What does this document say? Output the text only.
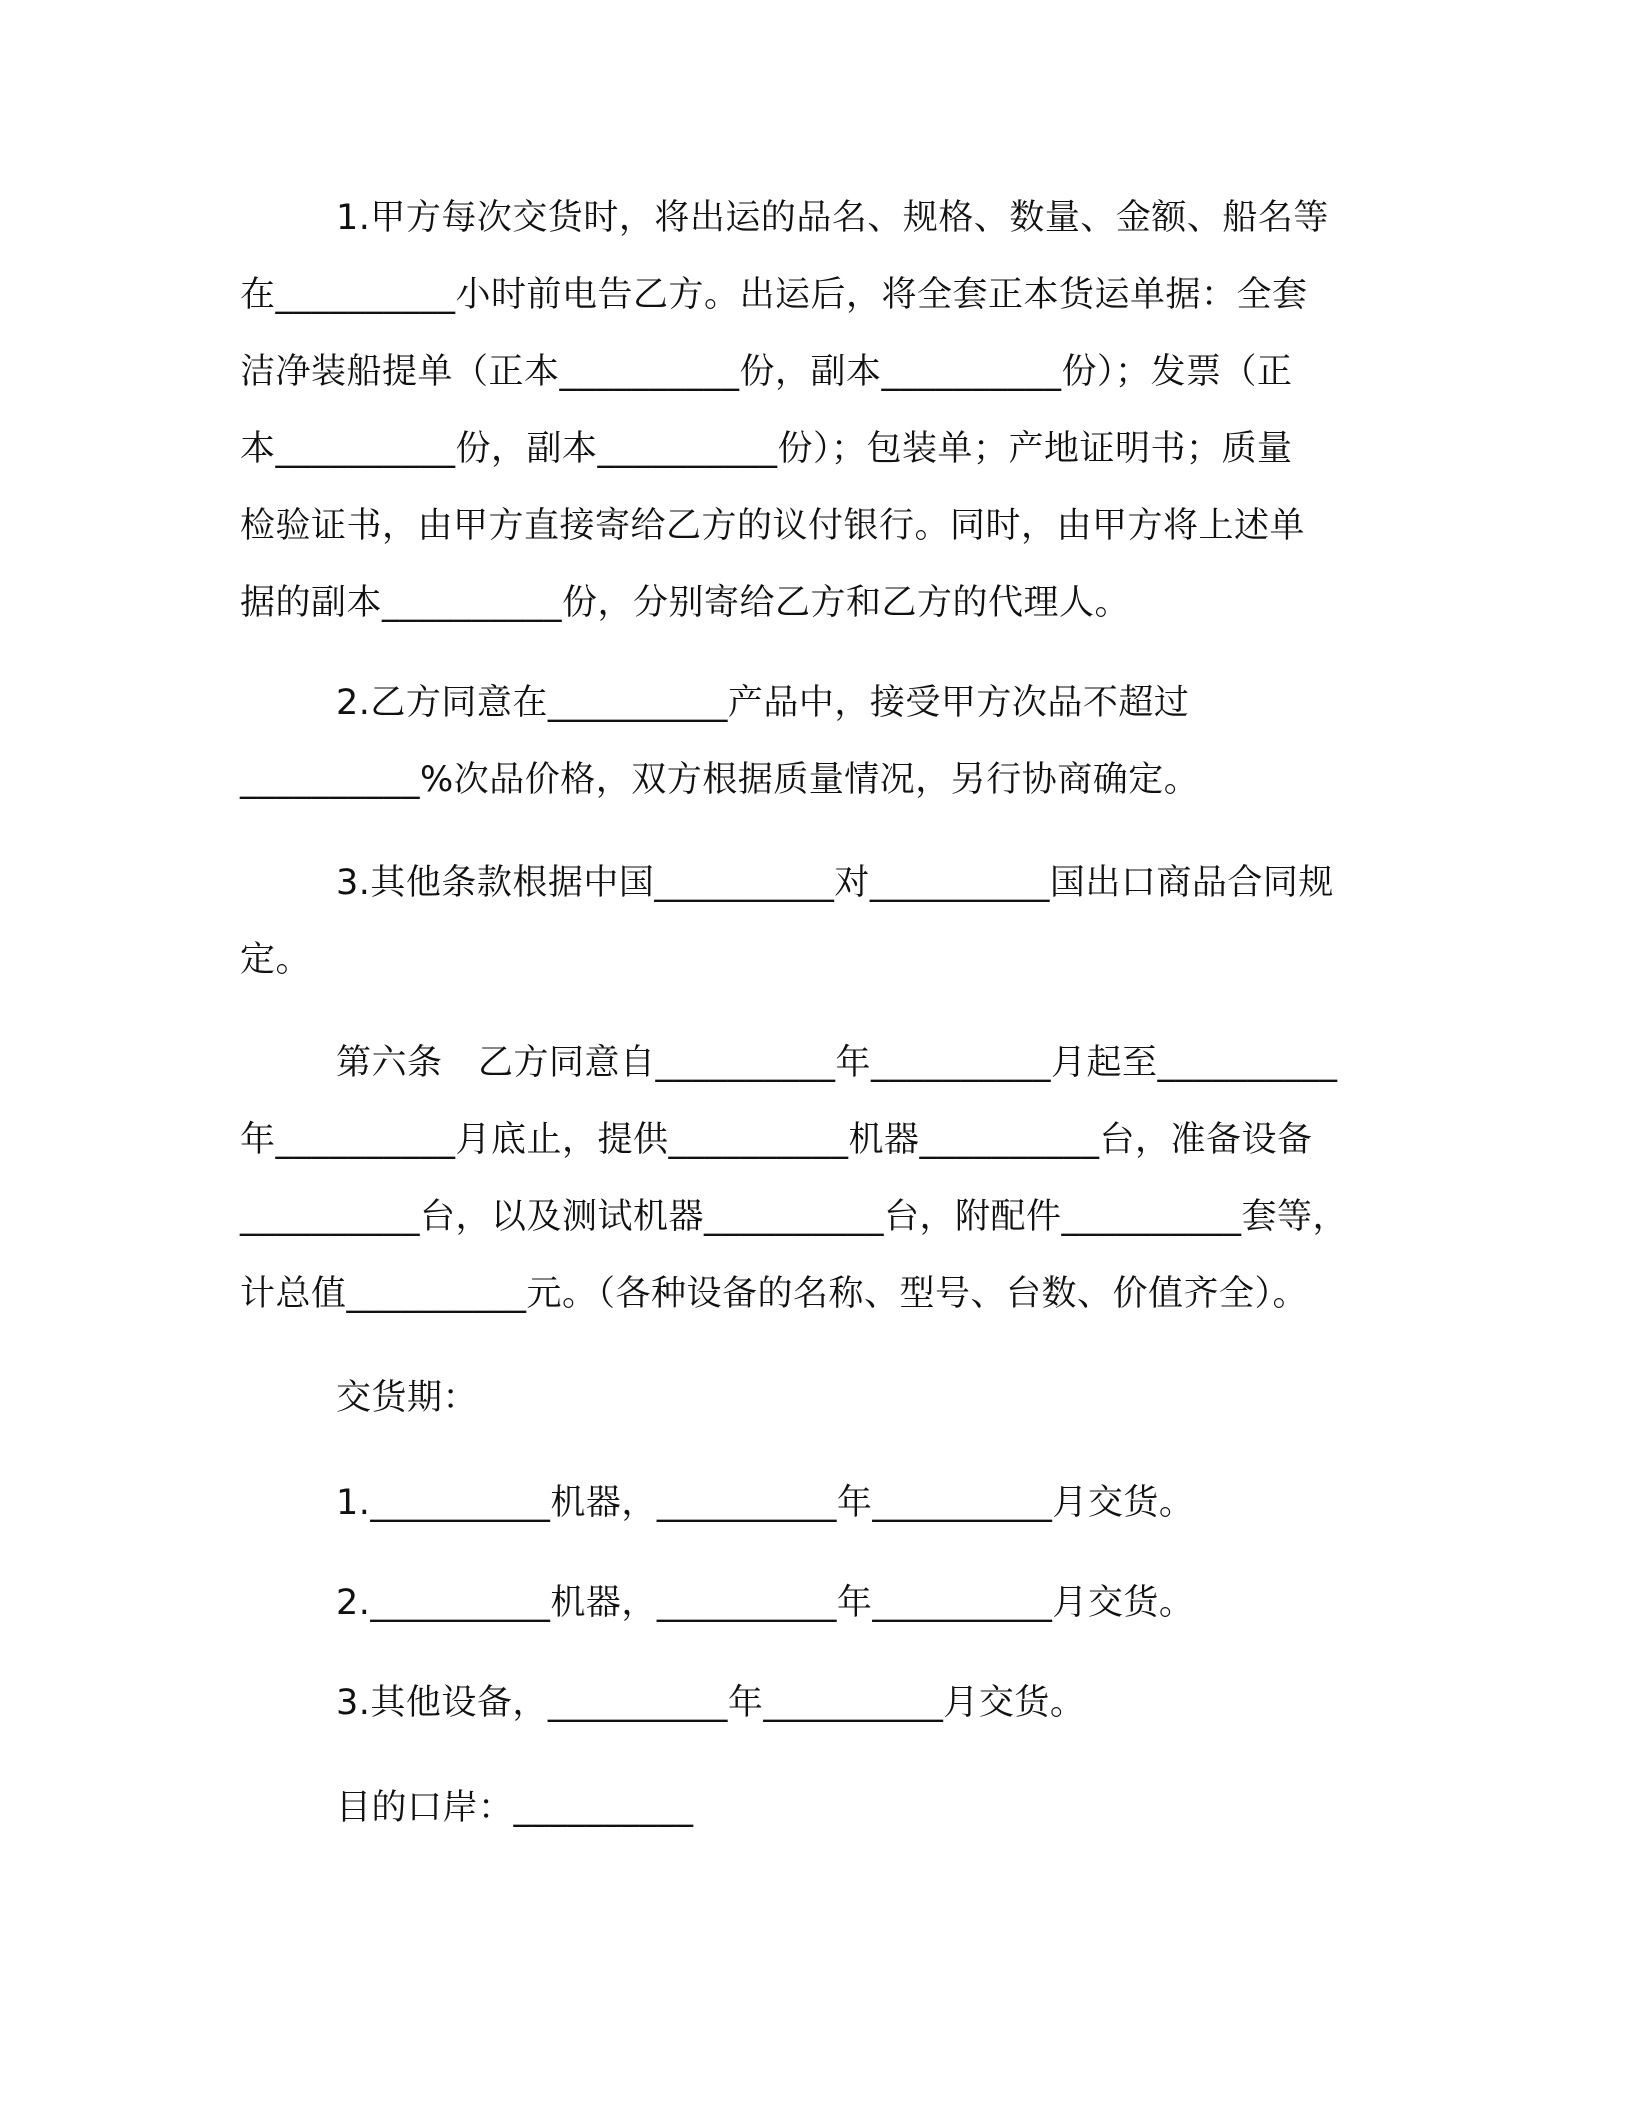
1.甲方每次交货时，将出运的品名、规格、数量、金额、船名等
在__________小时前电告乙方。出运后，将全套正本货运单据：全套
洁净装船提单（正本__________份，副本__________份）；发票（正
本__________份，副本__________份）；包装单；产地证明书；质量
检验证书，由甲方直接寄给乙方的议付银行。同时，由甲方将上述单
据的副本__________份，分别寄给乙方和乙方的代理人。
2.乙方同意在__________产品中，接受甲方次品不超过
__________%次品价格，双方根据质量情况，另行协商确定。
3.其他条款根据中国__________对__________国出口商品合同规
定。
第六条　乙方同意自__________年__________月起至__________
年__________月底止，提供__________机器__________台，准备设备
__________台，以及测试机器__________台，附配件__________套等，
计总值__________元。（各种设备的名称、型号、台数、价值齐全）。
交货期：
1.__________机器，__________年__________月交货。
2.__________机器，__________年__________月交货。
3.其他设备，__________年__________月交货。
目的口岸：__________
